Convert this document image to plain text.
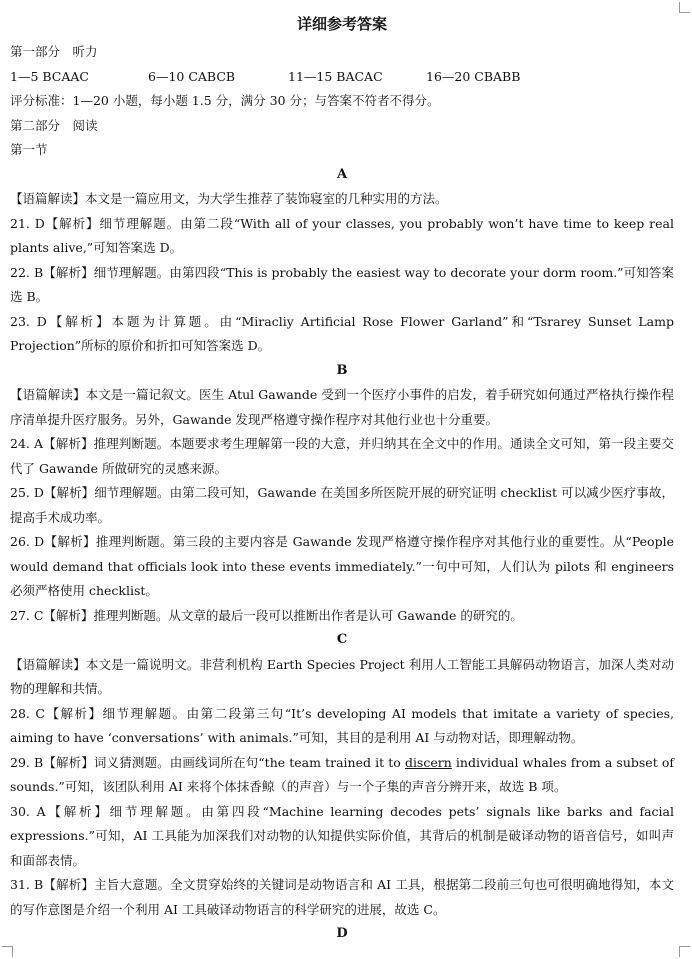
详细参考答案
第一部分　听力
1—5 BCAAC	6—10 CABCB	11—15 BACAC	16—20 CBABB
评分标准：1—20 小题，每小题 1.5 分，满分 30 分；与答案不符者不得分。
第二部分　阅读
第一节
A
【语篇解读】本文是一篇应用文，为大学生推荐了装饰寝室的几种实用的方法。
21. D【解析】细节理解题。由第二段“With all of your classes, you probably won’t have time to keep real plants alive,”可知答案选 D。
22. B【解析】细节理解题。由第四段“This is probably the easiest way to decorate your dorm room.”可知答案选 B。
23. D【解析】本题为计算题。由“Miracliy Artificial Rose Flower Garland”和“Tsrarey Sunset Lamp Projection”所标的原价和折扣可知答案选 D。
B
【语篇解读】本文是一篇记叙文。医生 Atul Gawande 受到一个医疗小事件的启发，着手研究如何通过严格执行操作程序清单提升医疗服务。另外，Gawande 发现严格遵守操作程序对其他行业也十分重要。
24. A【解析】推理判断题。本题要求考生理解第一段的大意，并归纳其在全文中的作用。通读全文可知，第一段主要交代了 Gawande 所做研究的灵感来源。
25. D【解析】细节理解题。由第二段可知，Gawande 在美国多所医院开展的研究证明 checklist 可以减少医疗事故，提高手术成功率。
26. D【解析】推理判断题。第三段的主要内容是 Gawande 发现严格遵守操作程序对其他行业的重要性。从“People would demand that officials look into these events immediately.”一句中可知，人们认为 pilots 和 engineers 必须严格使用 checklist。
27. C【解析】推理判断题。从文章的最后一段可以推断出作者是认可 Gawande 的研究的。
C
【语篇解读】本文是一篇说明文。非营利机构 Earth Species Project 利用人工智能工具解码动物语言，加深人类对动物的理解和共情。
28. C【解析】细节理解题。由第二段第三句“It’s developing AI models that imitate a variety of species, aiming to have ‘conversations’ with animals.”可知，其目的是利用 AI 与动物对话，即理解动物。
29. B【解析】词义猜测题。由画线词所在句“the team trained it to discern individual whales from a subset of sounds.”可知，该团队利用 AI 来将个体抹香鲸（的声音）与一个子集的声音分辨开来，故选 B 项。
30. A【解析】细节理解题。由第四段“Machine learning decodes pets’ signals like barks and facial expressions.”可知，AI 工具能为加深我们对动物的认知提供实际价值，其背后的机制是破译动物的语音信号，如叫声和面部表情。
31. B【解析】主旨大意题。全文贯穿始终的关键词是动物语言和 AI 工具，根据第二段前三句也可很明确地得知，本文的写作意图是介绍一个利用 AI 工具破译动物语言的科学研究的进展，故选 C。
D
